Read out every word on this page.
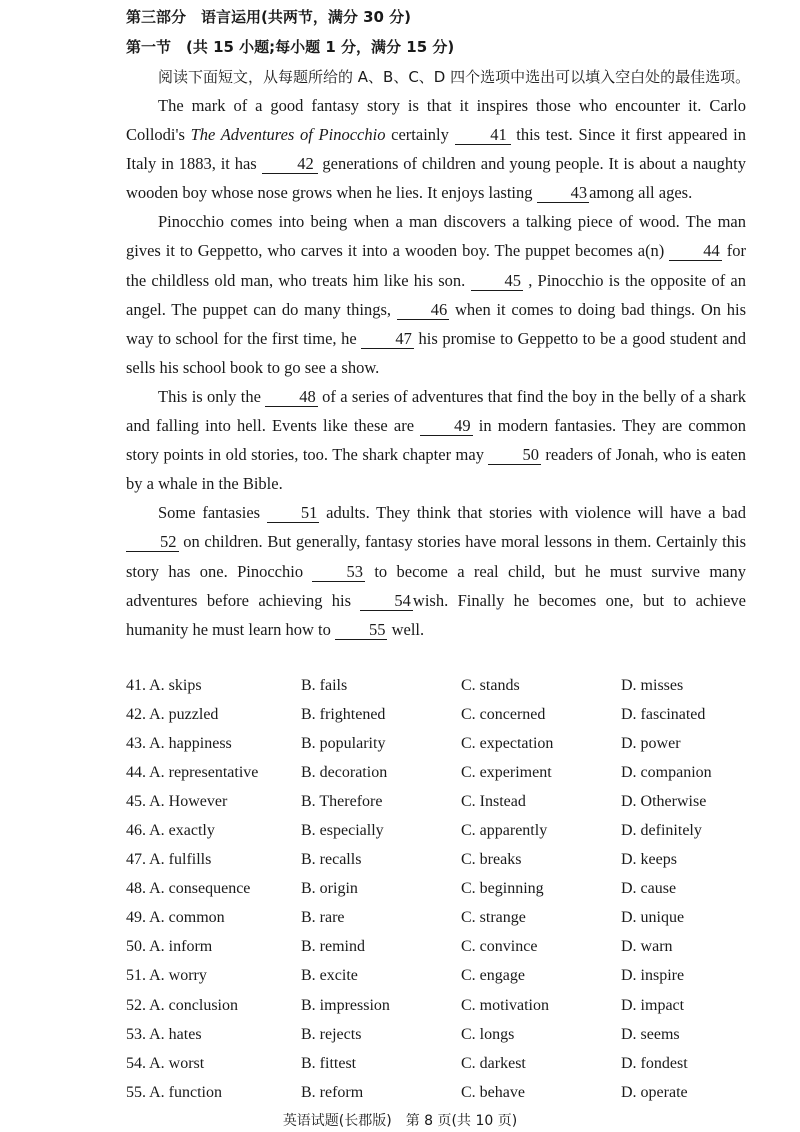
第三部分　语言运用(共两节，满分 30 分)
第一节　(共 15 小题;每小题 1 分，满分 15 分)
阅读下面短文，从每题所给的 A、B、C、D 四个选项中选出可以填入空白处的最佳选项。

The mark of a good fantasy story is that it inspires those who encounter it. Carlo Collodi's The Adventures of Pinocchio certainly 41 this test. Since it first appeared in Italy in 1883, it has 42 generations of children and young people. It is about a naughty wooden boy whose nose grows when he lies. It enjoys lasting 43 among all ages.

Pinocchio comes into being when a man discovers a talking piece of wood. The man gives it to Geppetto, who carves it into a wooden boy. The puppet becomes a(n) 44 for the childless old man, who treats him like his son. 45 , Pinocchio is the opposite of an angel. The puppet can do many things, 46 when it comes to doing bad things. On his way to school for the first time, he 47 his promise to Geppetto to be a good student and sells his school book to go see a show.

This is only the 48 of a series of adventures that find the boy in the belly of a shark and falling into hell. Events like these are 49 in modern fantasies. They are common story points in old stories, too. The shark chapter may 50 readers of Jonah, who is eaten by a whale in the Bible.

Some fantasies 51 adults. They think that stories with violence will have a bad 52 on children. But generally, fantasy stories have moral lessons in them. Certainly this story has one. Pinocchio 53 to become a real child, but he must survive many adventures before achieving his 54 wish. Finally he becomes one, but to achieve humanity he must learn how to 55 well.

41. A. skips	B. fails	C. stands	D. misses
42. A. puzzled	B. frightened	C. concerned	D. fascinated
43. A. happiness	B. popularity	C. expectation	D. power
44. A. representative	B. decoration	C. experiment	D. companion
45. A. However	B. Therefore	C. Instead	D. Otherwise
46. A. exactly	B. especially	C. apparently	D. definitely
47. A. fulfills	B. recalls	C. breaks	D. keeps
48. A. consequence	B. origin	C. beginning	D. cause
49. A. common	B. rare	C. strange	D. unique
50. A. inform	B. remind	C. convince	D. warn
51. A. worry	B. excite	C. engage	D. inspire
52. A. conclusion	B. impression	C. motivation	D. impact
53. A. hates	B. rejects	C. longs	D. seems
54. A. worst	B. fittest	C. darkest	D. fondest
55. A. function	B. reform	C. behave	D. operate
英语试题(长郡版)　第 8 页(共 10 页)
